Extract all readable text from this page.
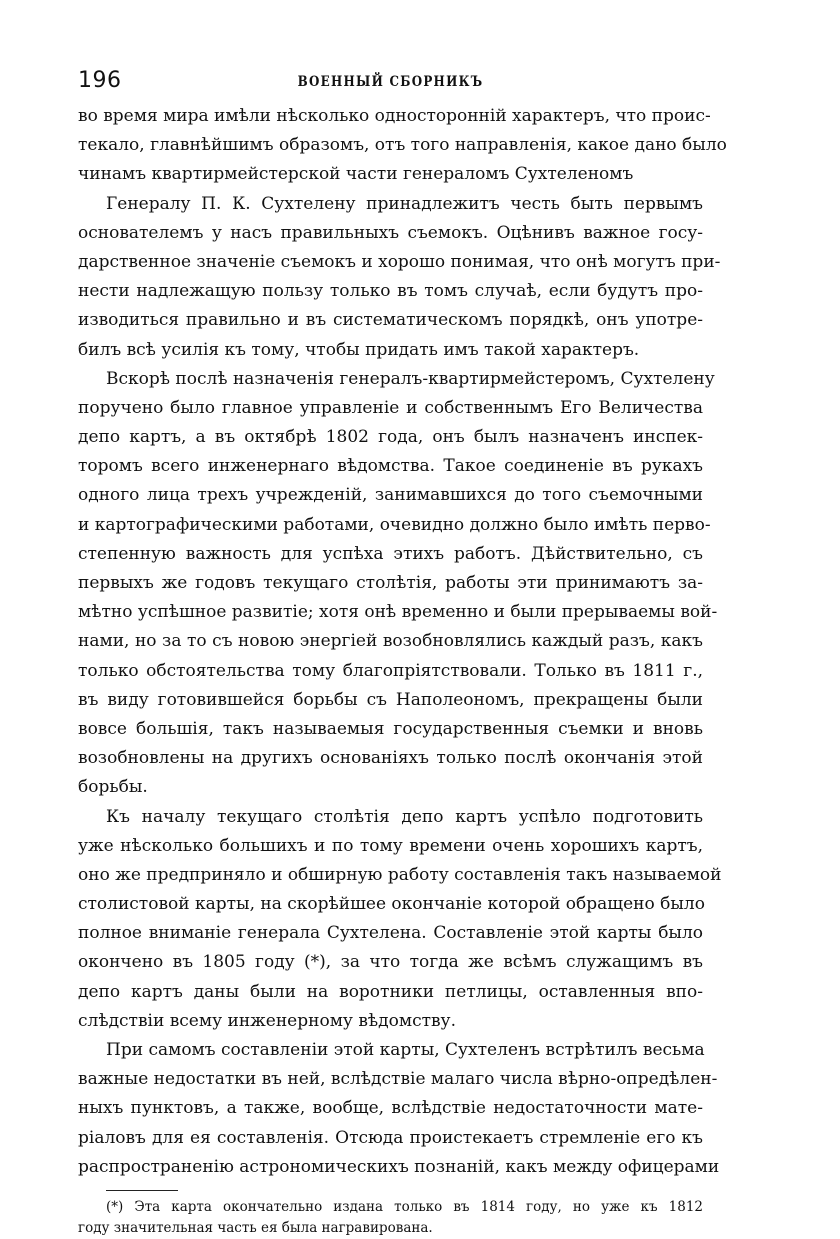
196	ВОЕННЫЙ СБОРНИКЪ
во время мира имѣли нѣсколько односторонній характеръ, что проис-
текало, главнѣйшимъ образомъ, отъ того направленія, какое дано было
чинамъ квартирмейстерской части генераломъ Сухтеленомъ
Генералу П. К. Сухтелену принадлежитъ честь быть первымъ
основателемъ у насъ правильныхъ съемокъ. Оцѣнивъ важное госу-
дарственное значеніе съемокъ и хорошо понимая, что онѣ могутъ при-
нести надлежащую пользу только въ томъ случаѣ, если будутъ про-
изводиться правильно и въ систематическомъ порядкѣ, онъ употре-
билъ всѣ усилія къ тому, чтобы придать имъ такой характеръ.
Вскорѣ послѣ назначенія генералъ-квартирмейстеромъ, Сухтелену
поручено было главное управленіе и собственнымъ Его Величества
депо картъ, а въ октябрѣ 1802 года, онъ былъ назначенъ инспек-
торомъ всего инженернаго вѣдомства. Такое соединеніе въ рукахъ
одного лица трехъ учрежденій, занимавшихся до того съемочными
и картографическими работами, очевидно должно было имѣть перво-
степенную важность для успѣха этихъ работъ. Дѣйствительно, съ
первыхъ же годовъ текущаго столѣтія, работы эти принимаютъ за-
мѣтно успѣшное развитіе; хотя онѣ временно и были прерываемы вой-
нами, но за то съ новою энергіей возобновлялись каждый разъ, какъ
только обстоятельства тому благопріятствовали. Только въ 1811 г.,
въ виду готовившейся борьбы съ Наполеономъ, прекращены были
вовсе большія, такъ называемыя государственныя съемки и вновь
возобновлены на другихъ основаніяхъ только послѣ окончанія этой
борьбы.
Къ началу текущаго столѣтія депо картъ успѣло подготовить
уже нѣсколько большихъ и по тому времени очень хорошихъ картъ,
оно же предприняло и обширную работу составленія такъ называемой
столистовой карты, на скорѣйшее окончаніе которой обращено было
полное вниманіе генерала Сухтелена. Составленіе этой карты было
окончено въ 1805 году (*), за что тогда же всѣмъ служащимъ въ
депо картъ даны были на воротники петлицы, оставленныя впо-
слѣдствіи всему инженерному вѣдомству.
При самомъ составленіи этой карты, Сухтеленъ встрѣтилъ весьма
важные недостатки въ ней, вслѣдствіе малаго числа вѣрно-опредѣлен-
ныхъ пунктовъ, а также, вообще, вслѣдствіе недостаточности мате-
ріаловъ для ея составленія. Отсюда проистекаетъ стремленіе его къ
распространенію астрономическихъ познаній, какъ между офицерами
(*) Эта карта окончательно издана только въ 1814 году, но уже къ 1812
году значительная часть ея была награвирована.
